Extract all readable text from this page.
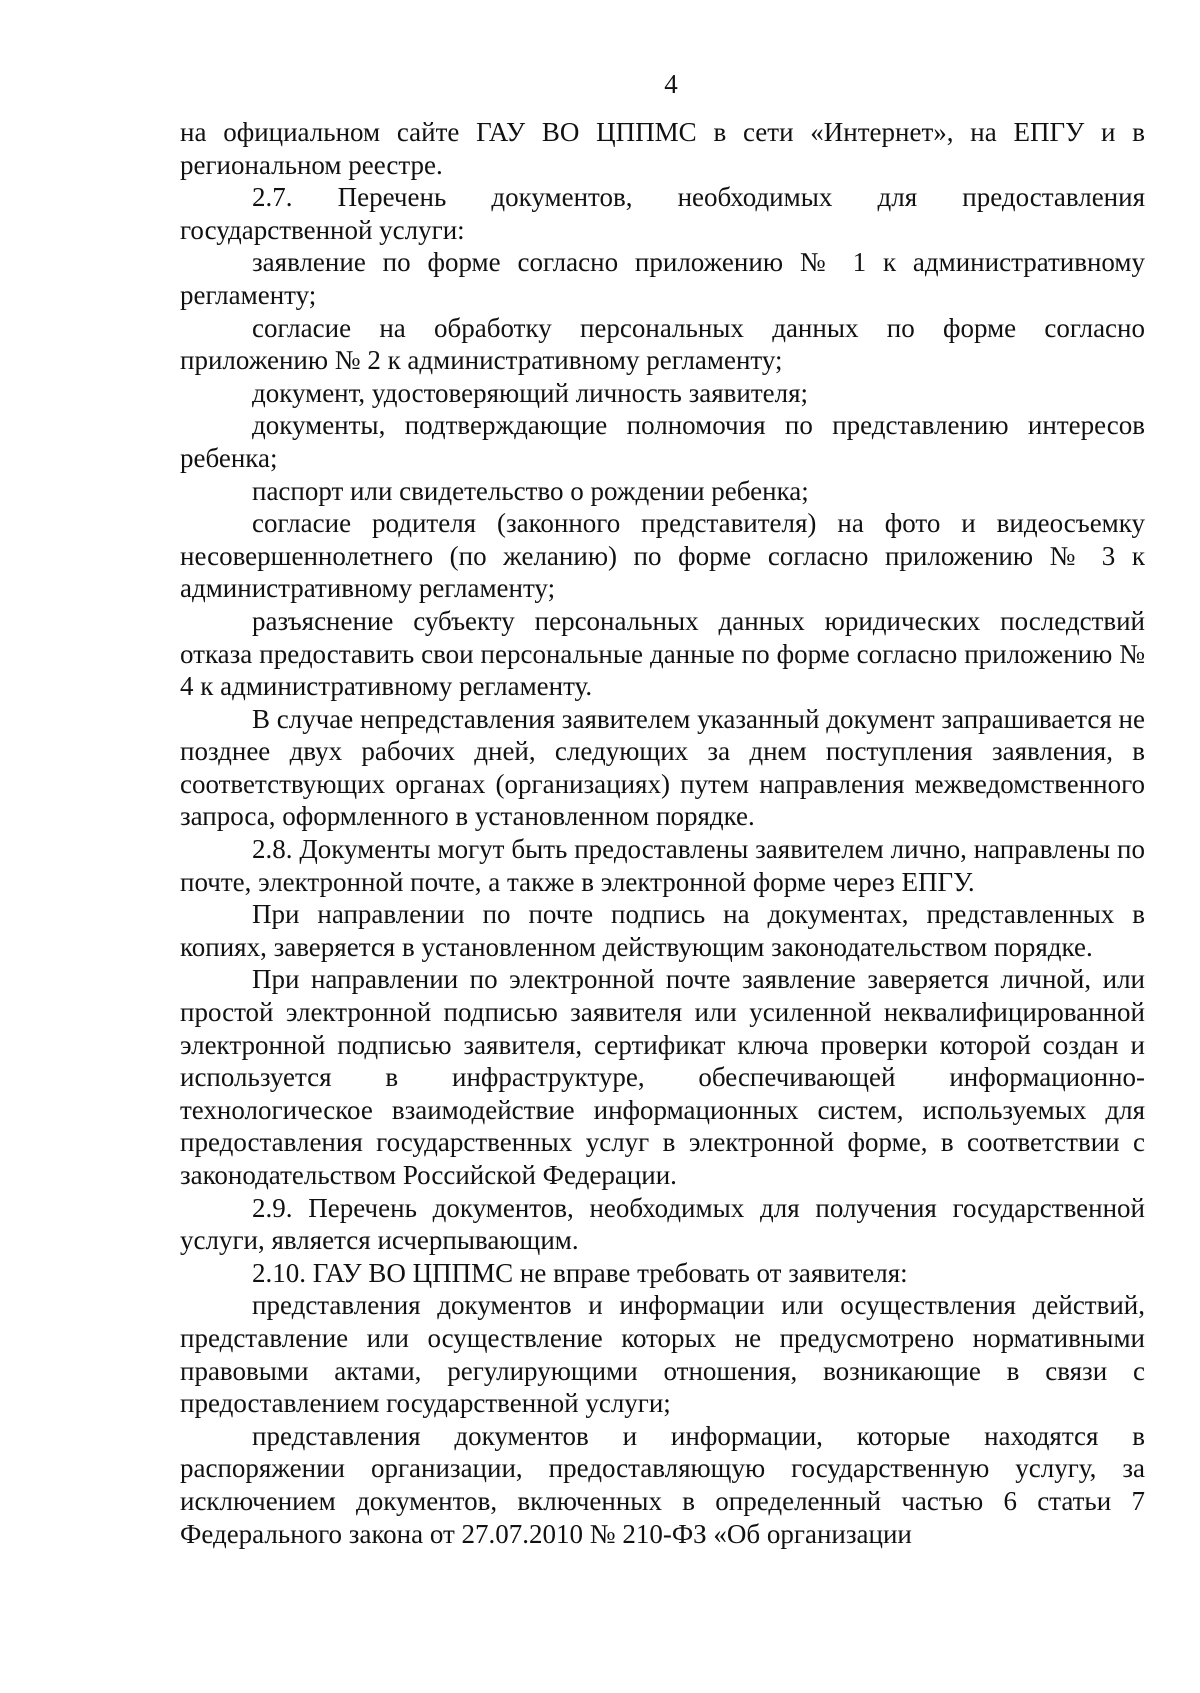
4

на официальном сайте ГАУ ВО ЦППМС в сети «Интернет», на ЕПГУ и в региональном реестре.

2.7. Перечень документов, необходимых для предоставления государственной услуги:

заявление по форме согласно приложению № 1 к административному регламенту;

согласие на обработку персональных данных по форме согласно приложению № 2 к административному регламенту;

документ, удостоверяющий личность заявителя;

документы, подтверждающие полномочия по представлению интересов ребенка;

паспорт или свидетельство о рождении ребенка;

согласие родителя (законного представителя) на фото и видеосъемку несовершеннолетнего (по желанию) по форме согласно приложению № 3 к административному регламенту;

разъяснение субъекту персональных данных юридических последствий отказа предоставить свои персональные данные по форме согласно приложению № 4 к административному регламенту.

В случае непредставления заявителем указанный документ запрашивается не позднее двух рабочих дней, следующих за днем поступления заявления, в соответствующих органах (организациях) путем направления межведомственного запроса, оформленного в установленном порядке.

2.8. Документы могут быть предоставлены заявителем лично, направлены по почте, электронной почте, а также в электронной форме через ЕПГУ.

При направлении по почте подпись на документах, представленных в копиях, заверяется в установленном действующим законодательством порядке.

При направлении по электронной почте заявление заверяется личной, или простой электронной подписью заявителя или усиленной неквалифицированной электронной подписью заявителя, сертификат ключа проверки которой создан и используется в инфраструктуре, обеспечивающей информационно-технологическое взаимодействие информационных систем, используемых для предоставления государственных услуг в электронной форме, в соответствии с законодательством Российской Федерации.

2.9. Перечень документов, необходимых для получения государственной услуги, является исчерпывающим.

2.10. ГАУ ВО ЦППМС не вправе требовать от заявителя:

представления документов и информации или осуществления действий, представление или осуществление которых не предусмотрено нормативными правовыми актами, регулирующими отношения, возникающие в связи с предоставлением государственной услуги;

представления документов и информации, которые находятся в распоряжении организации, предоставляющую государственную услугу, за исключением документов, включенных в определенный частью 6 статьи 7 Федерального закона от 27.07.2010 № 210-ФЗ «Об организации
